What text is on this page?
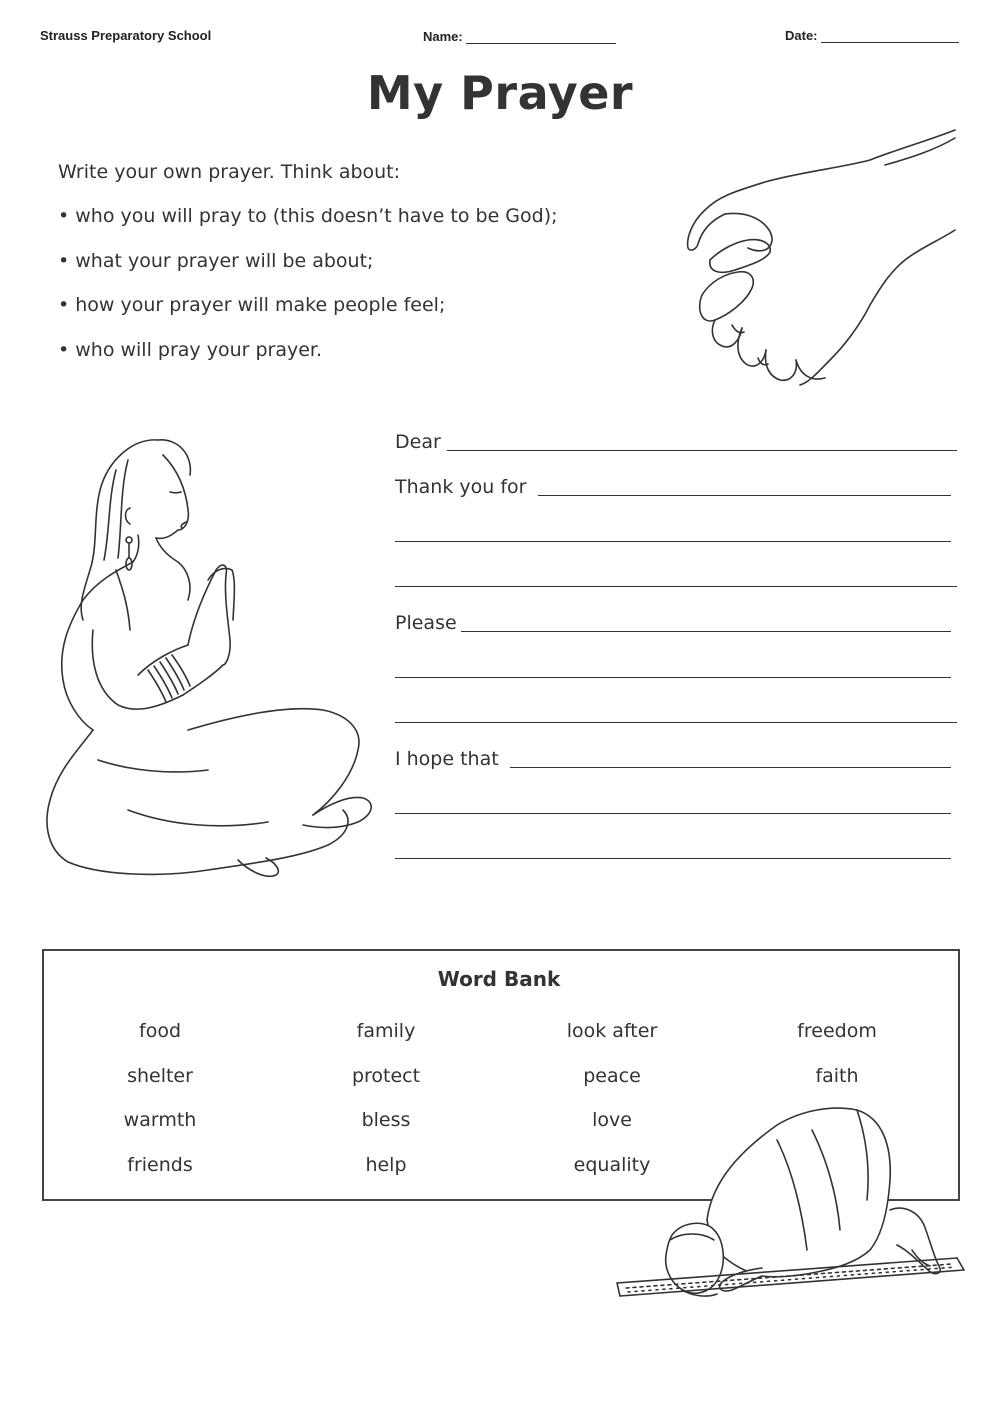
Strauss Preparatory School	Name:	Date:
My Prayer
Write your own prayer. Think about:
• who you will pray to (this doesn’t have to be God);
• what your prayer will be about;
• how your prayer will make people feel;
• who will pray your prayer.
Dear
Thank you for
Please
I hope that
Word Bank
food	family	look after	freedom
shelter	protect	peace	faith
warmth	bless	love
friends	help	equality
